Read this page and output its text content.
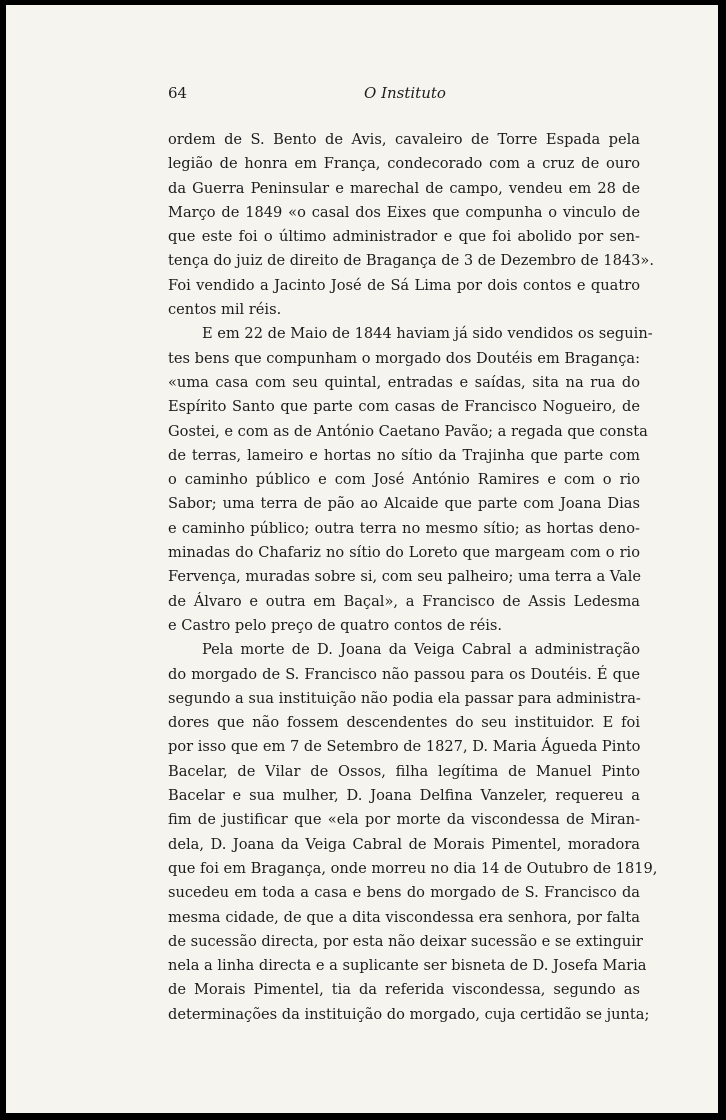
64	O Instituto
ordem de S. Bento de Avis, cavaleiro de Torre Espada pela
legião de honra em França, condecorado com a cruz de ouro
da Guerra Peninsular e marechal de campo, vendeu em 28 de
Março de 1849 «o casal dos Eixes que compunha o vinculo de
que este foi o último administrador e que foi abolido por sen-
tença do juiz de direito de Bragança de 3 de Dezembro de 1843».
Foi vendido a Jacinto José de Sá Lima por dois contos e quatro
centos mil réis.
E em 22 de Maio de 1844 haviam já sido vendidos os seguin-
tes bens que compunham o morgado dos Doutéis em Bragança:
«uma casa com seu quintal, entradas e saídas, sita na rua do
Espírito Santo que parte com casas de Francisco Nogueiro, de
Gostei, e com as de António Caetano Pavão; a regada que consta
de terras, lameiro e hortas no sítio da Trajinha que parte com
o caminho público e com José António Ramires e com o rio
Sabor; uma terra de pão ao Alcaide que parte com Joana Dias
e caminho público; outra terra no mesmo sítio; as hortas deno-
minadas do Chafariz no sítio do Loreto que margeam com o rio
Fervença, muradas sobre si, com seu palheiro; uma terra a Vale
de Álvaro e outra em Baçal», a Francisco de Assis Ledesma
e Castro pelo preço de quatro contos de réis.
Pela morte de D. Joana da Veiga Cabral a administração
do morgado de S. Francisco não passou para os Doutéis. É que
segundo a sua instituição não podia ela passar para administra-
dores que não fossem descendentes do seu instituidor. E foi
por isso que em 7 de Setembro de 1827, D. Maria Águeda Pinto
Bacelar, de Vilar de Ossos, filha legítima de Manuel Pinto
Bacelar e sua mulher, D. Joana Delfina Vanzeler, requereu a
fim de justificar que «ela por morte da viscondessa de Miran-
dela, D. Joana da Veiga Cabral de Morais Pimentel, moradora
que foi em Bragança, onde morreu no dia 14 de Outubro de 1819,
sucedeu em toda a casa e bens do morgado de S. Francisco da
mesma cidade, de que a dita viscondessa era senhora, por falta
de sucessão directa, por esta não deixar sucessão e se extinguir
nela a linha directa e a suplicante ser bisneta de D. Josefa Maria
de Morais Pimentel, tia da referida viscondessa, segundo as
determinações da instituição do morgado, cuja certidão se junta;
